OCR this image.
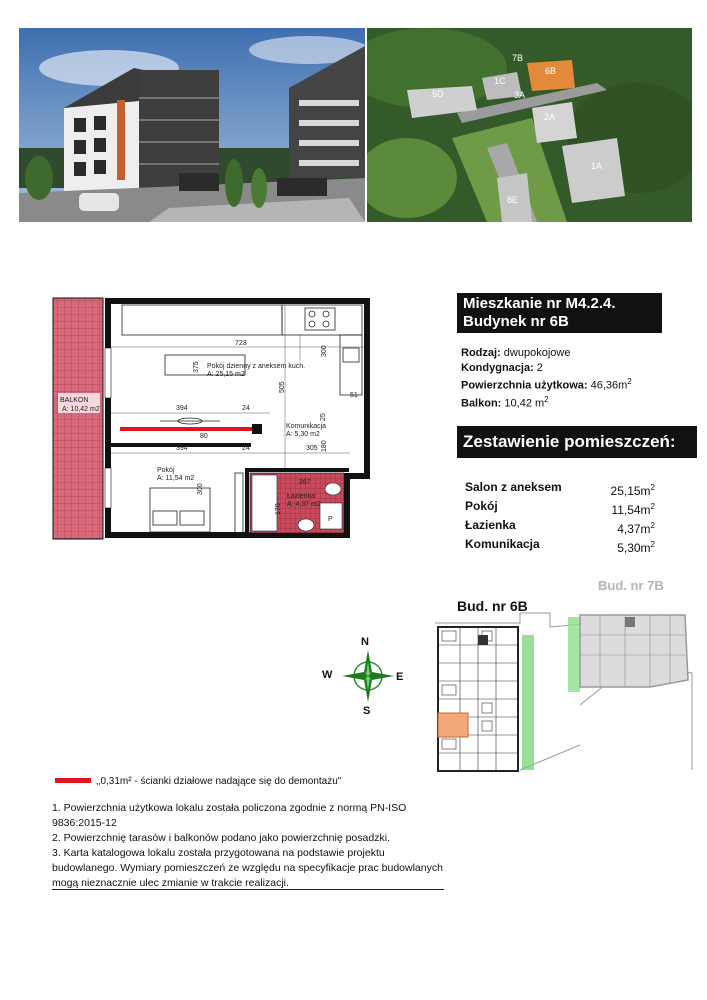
7B
6B
1C
3A
5D
2A
1A
8E
BALKON
A: 10,42 m2
P
723
375
300
505
394	24
394	24	305
51
25
180
80
300
170
267
Pokój dzienny z aneksem kuch.
A: 25,15 m2
Komunikacja
A: 5,30 m2
Pokój
A: 11,54 m2
Łazienka
A: 4,37 m2
Mieszkanie nr M4.2.4.
Budynek nr 6B
Rodzaj: dwupokojowe
Kondygnacja: 2
Powierzchnia użytkowa: $46,36m^2$
Balkon: 10,42 $m^2$
Zestawienie pomieszczeń:
Salon z aneksem	$25,15m^2$
Pokój	$11,54m^2$
Łazienka	$4,37m^2$
Komunikacja	$5,30m^2$
Bud. nr 6B
Bud. nr 7B
N
S
W	E
‚‚0,31m² - ścianki działowe nadające się do demontażu"
1. Powierzchnia użytkowa lokalu została policzona zgodnie z normą PN-ISO 9836:2015-12
2. Powierzchnię tarasów i balkonów podano jako powierzchnię posadzki.
3. Karta katalogowa lokalu została przygotowana na podstawie projektu budowlanego. Wymiary pomieszczeń ze względu na specyfikacje prac budowlanych mogą nieznacznie ulec zmianie w trakcie realizacji.
